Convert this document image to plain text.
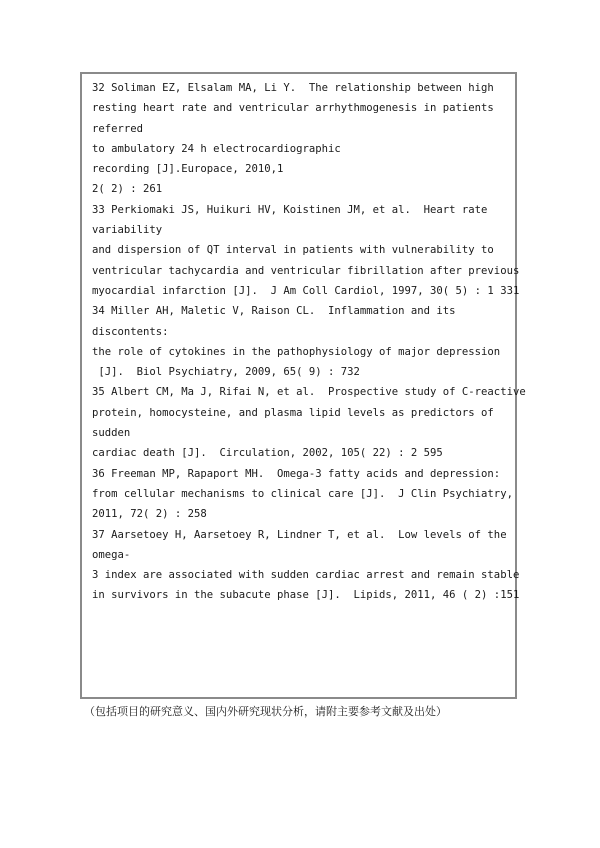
32 Soliman EZ, Elsalam MA, Li Y.  The relationship between high
resting heart rate and ventricular arrhythmogenesis in patients
referred
to ambulatory 24 h electrocardiographic
recording [J].Europace, 2010,1
2( 2) : 261
33 Perkiomaki JS, Huikuri HV, Koistinen JM, et al.  Heart rate
variability
and dispersion of QT interval in patients with vulnerability to
ventricular tachycardia and ventricular fibrillation after previous
myocardial infarction [J].  J Am Coll Cardiol, 1997, 30( 5) : 1 331
34 Miller AH, Maletic V, Raison CL.  Inflammation and its
discontents:
the role of cytokines in the pathophysiology of major depression
[J].  Biol Psychiatry, 2009, 65( 9) : 732
35 Albert CM, Ma J, Rifai N, et al.  Prospective study of C-reactive
protein, homocysteine, and plasma lipid levels as predictors of
sudden
cardiac death [J].  Circulation, 2002, 105( 22) : 2 595
36 Freeman MP, Rapaport MH.  Omega-3 fatty acids and depression:
from cellular mechanisms to clinical care [J].  J Clin Psychiatry,
2011, 72( 2) : 258
37 Aarsetoey H, Aarsetoey R, Lindner T, et al.  Low levels of the
omega-
3 index are associated with sudden cardiac arrest and remain stable
in survivors in the subacute phase [J].  Lipids, 2011, 46 ( 2) :151
（包括项目的研究意义、国内外研究现状分析，请附主要参考文献及出处）
